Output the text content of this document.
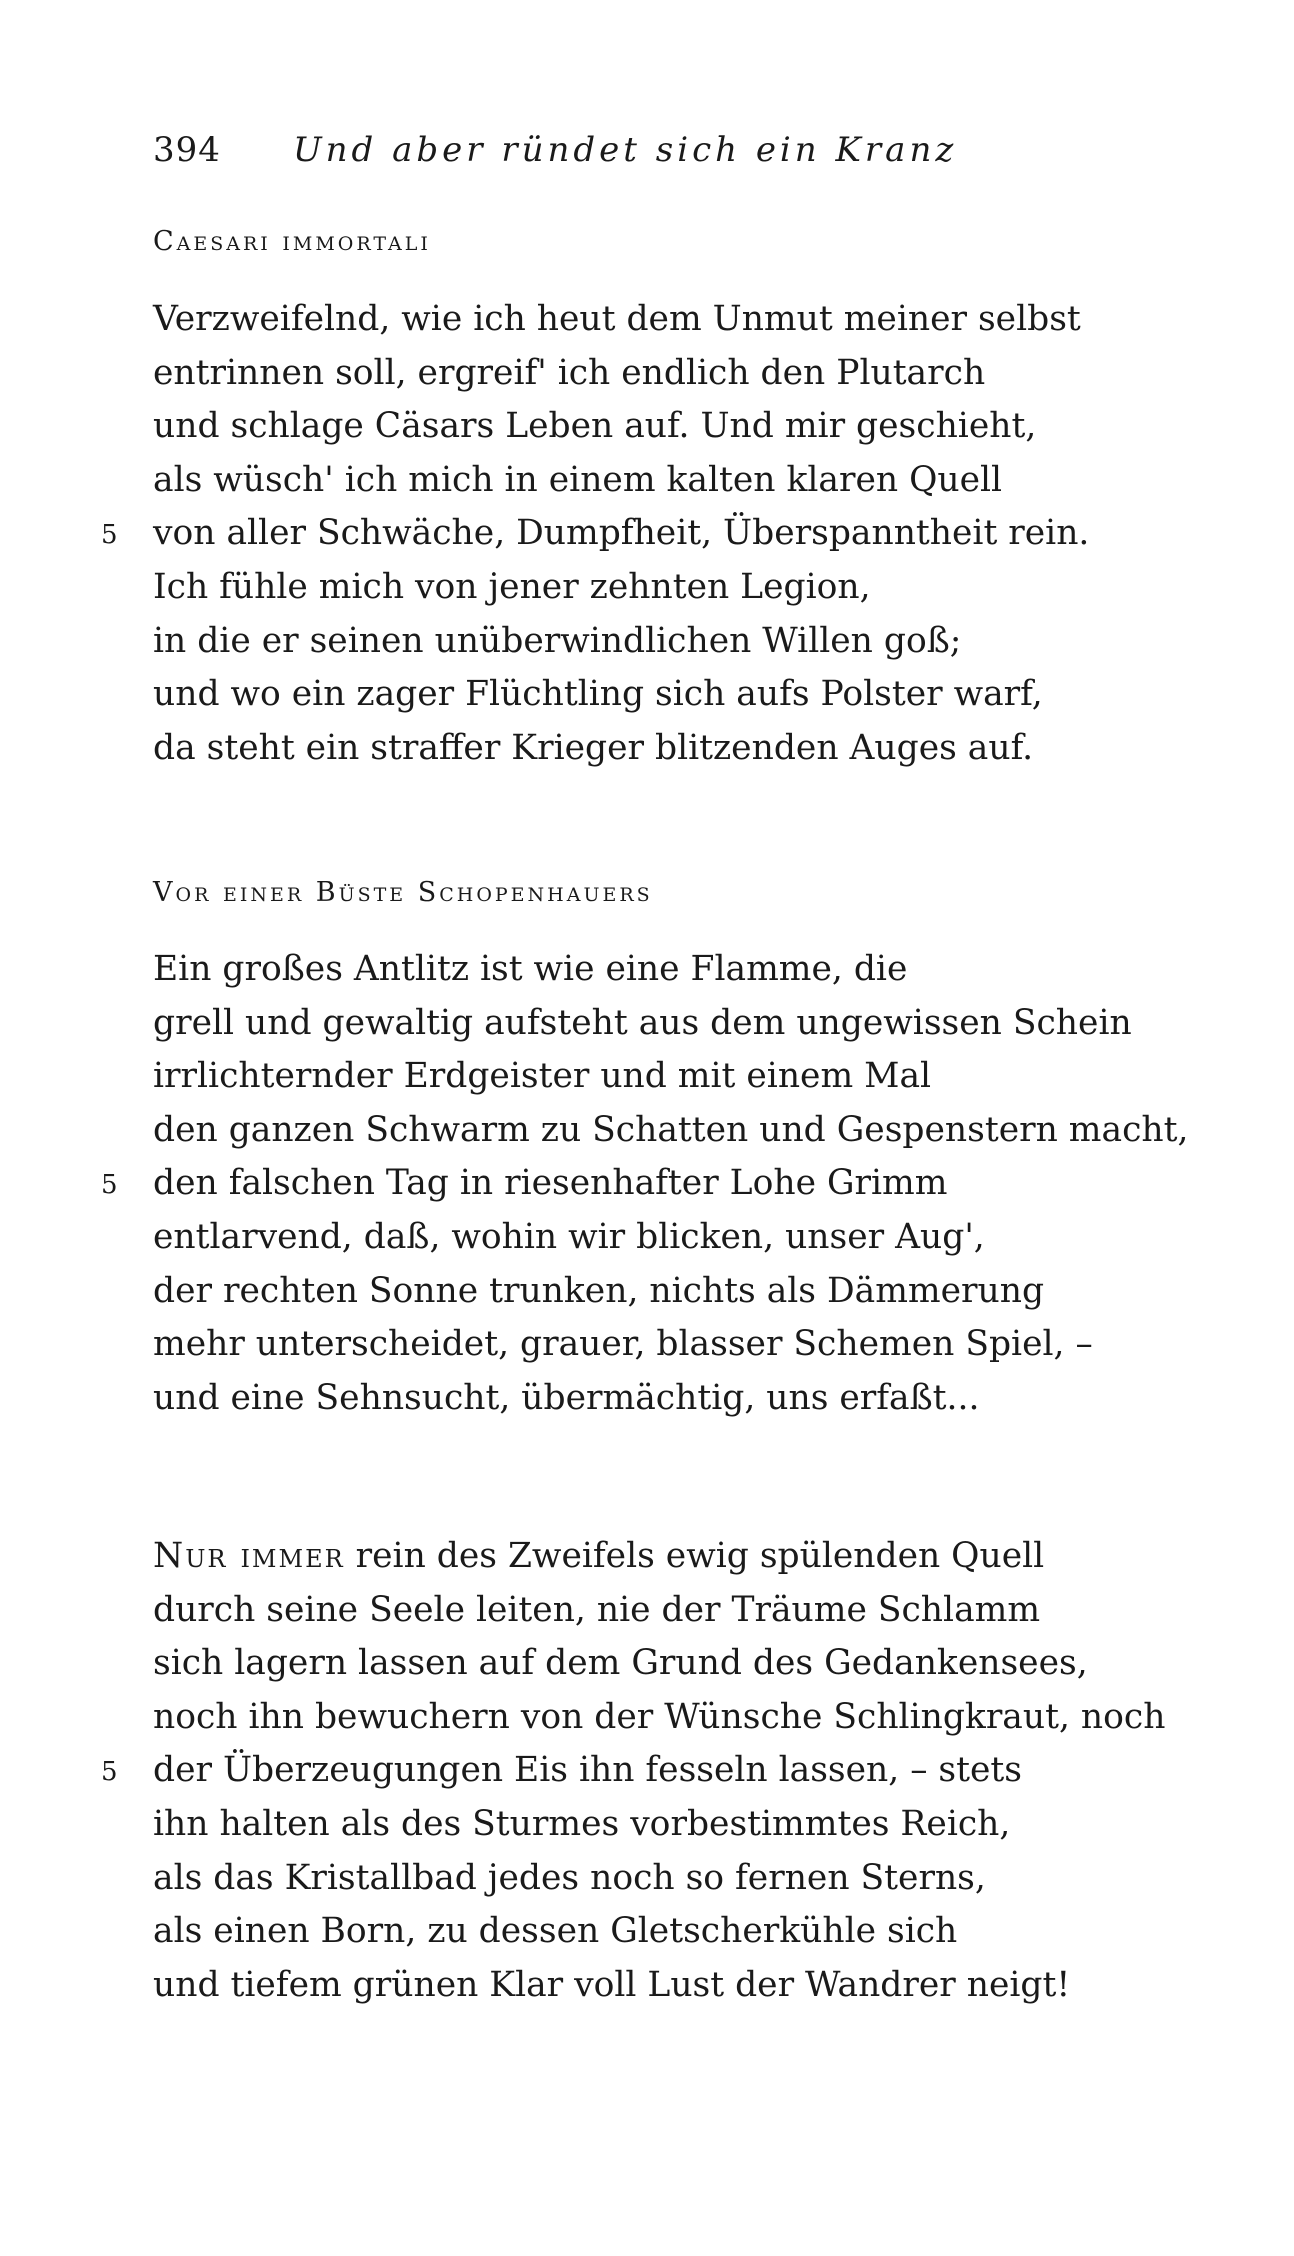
394 Und aber ründet sich ein Kranz
Caesari immortali
Verzweifelnd, wie ich heut dem Unmut meiner selbst
entrinnen soll, ergreif' ich endlich den Plutarch
und schlage Cäsars Leben auf. Und mir geschieht,
als wüsch' ich mich in einem kalten klaren Quell
5 von aller Schwäche, Dumpfheit, Überspanntheit rein.
Ich fühle mich von jener zehnten Legion,
in die er seinen unüberwindlichen Willen goß;
und wo ein zager Flüchtling sich aufs Polster warf,
da steht ein straffer Krieger blitzenden Auges auf.
Vor einer Büste Schopenhauers
Ein großes Antlitz ist wie eine Flamme, die
grell und gewaltig aufsteht aus dem ungewissen Schein
irrlichternder Erdgeister und mit einem Mal
den ganzen Schwarm zu Schatten und Gespenstern macht,
5 den falschen Tag in riesenhafter Lohe Grimm
entlarvend, daß, wohin wir blicken, unser Aug',
der rechten Sonne trunken, nichts als Dämmerung
mehr unterscheidet, grauer, blasser Schemen Spiel, –
und eine Sehnsucht, übermächtig, uns erfaßt...
Nur immer rein des Zweifels ewig spülenden Quell
durch seine Seele leiten, nie der Träume Schlamm
sich lagern lassen auf dem Grund des Gedankensees,
noch ihn bewuchern von der Wünsche Schlingkraut, noch
5 der Überzeugungen Eis ihn fesseln lassen, – stets
ihn halten als des Sturmes vorbestimmtes Reich,
als das Kristallbad jedes noch so fernen Sterns,
als einen Born, zu dessen Gletscherkühle sich
und tiefem grünen Klar voll Lust der Wandrer neigt!
